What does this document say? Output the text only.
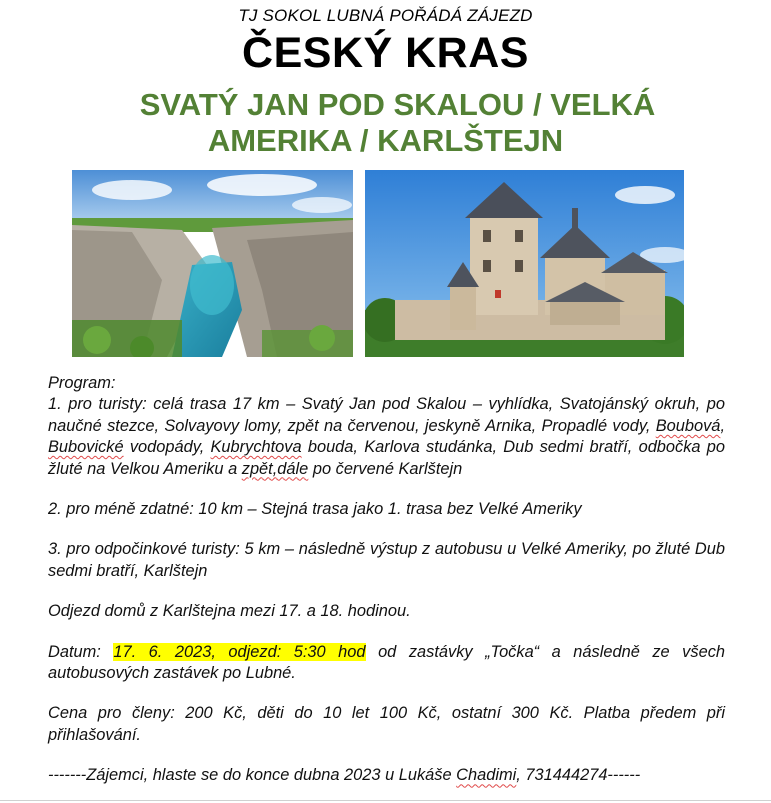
TJ SOKOL LUBNÁ POŘÁDÁ ZÁJEZD
ČESKÝ KRAS
SVATÝ JAN POD SKALOU / VELKÁ
AMERIKA / KARLŠTEJN

Program:

1. pro turisty: celá trasa 17 km – Svatý Jan pod Skalou – vyhlídka, Svatojánský okruh, po naučné stezce, Solvayovy lomy, zpět na červenou, jeskyně Arnika, Propadlé vody, Boubová, Bubovické vodopády, Kubrychtova bouda, Karlova studánka, Dub sedmi bratří, odbočka po žluté na Velkou Ameriku a zpět,dále po červené Karlštejn

2. pro méně zdatné: 10 km – Stejná trasa jako 1. trasa bez Velké Ameriky

3. pro odpočinkové turisty: 5 km – následně výstup z autobusu u Velké Ameriky, po žluté Dub sedmi bratří, Karlštejn

Odjezd domů z Karlštejna mezi 17. a 18. hodinou.

Datum: 17. 6. 2023, odjezd: 5:30 hod od zastávky „Točka“ a následně ze všech autobusových zastávek po Lubné.

Cena pro členy: 200 Kč, děti do 10 let 100 Kč, ostatní 300 Kč. Platba předem při přihlašování.

-------Zájemci, hlaste se do konce dubna 2023 u Lukáše Chadimi, 731444274------
